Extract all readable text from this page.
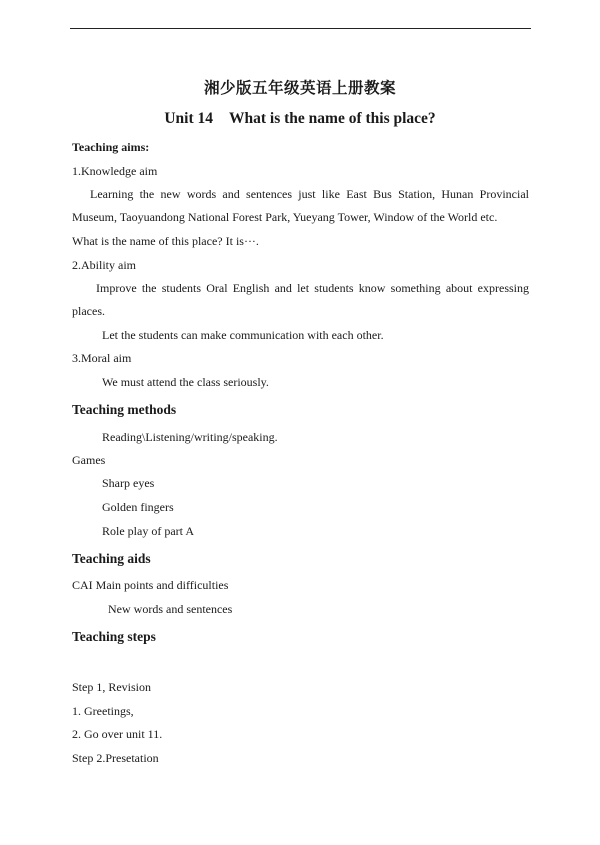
湘少版五年级英语上册教案
Unit 14 What is the name of this place?
Teaching aims:
1.Knowledge aim
Learning the new words and sentences just like East Bus Station, Hunan Provincial
Museum, Taoyuandong National Forest Park, Yueyang Tower, Window of the World etc.
What is the name of this place? It is···.
2.Ability aim
Improve the students Oral English and let students know something about expressing
places.
Let the students can make communication with each other.
3.Moral aim
We must attend the class seriously.
Teaching methods
Reading\Listening/writing/speaking.
Games
Sharp eyes
Golden fingers
Role play of part A
Teaching aids
CAI Main points and difficulties
New words and sentences
Teaching steps
Step 1, Revision
1. Greetings,
2. Go over unit 11.
Step 2.Presetation
